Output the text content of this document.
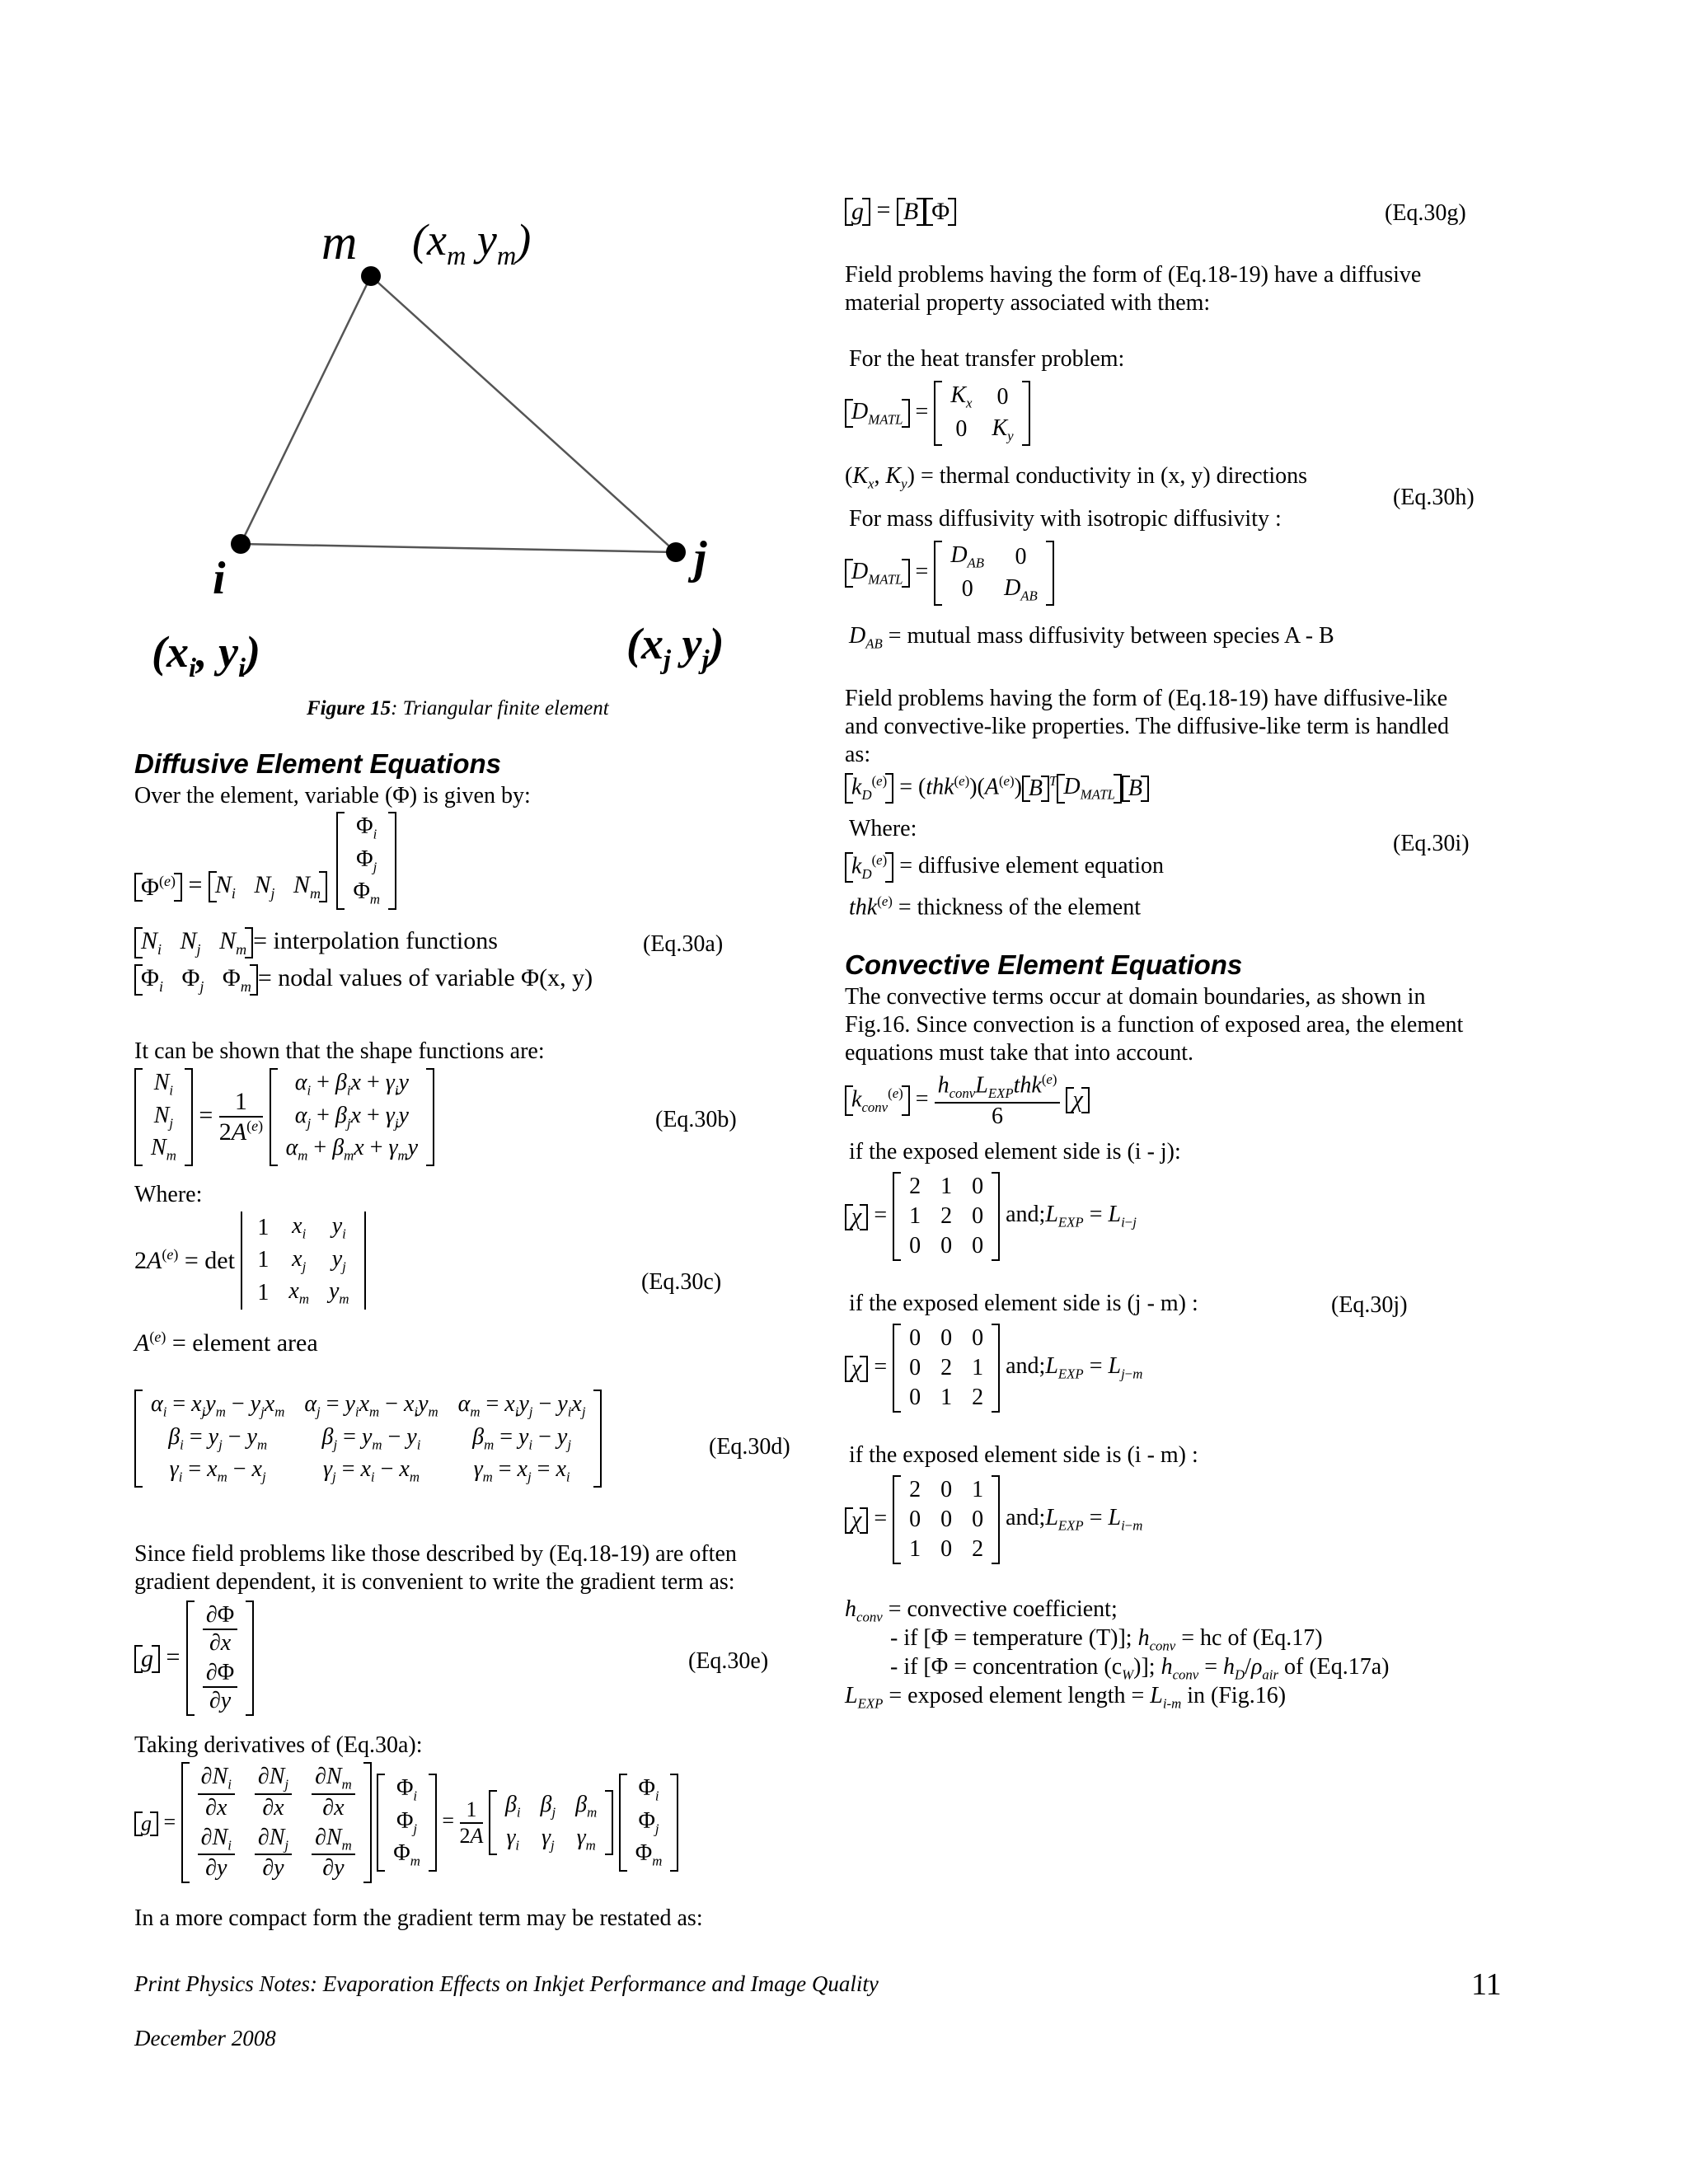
m ($x_m$ $y_m$)
i	j
($x_i$, $y_i$)	($x_j$ $y_j$)
Figure 15: Triangular finite element
Diffusive Element Equations
Over the element, variable (Φ) is given by:
$\Phi^{(e)} = N_i$ $N_j$ $N_m$
$\Phi_i$
$\Phi_j$
$\Phi_m$
$N_i$ $N_j$ $N_m$ = interpolation functions	(Eq.30a)
$\Phi_i$   $\Phi_j$   $\Phi_m$ = nodal values of variable Φ(x, y)
It can be shown that the shape functions are:
$N_i$
$N_j$
$N_m$
= $\frac{1}{2A^{(e)}}$

$\alpha_i + \beta_ix + \gamma_iy$
$\alpha_j + \beta_jx + \gamma_jy$
$\alpha_m + \beta_mx + \gamma_my$
(Eq.30b)
Where:
$2A^{(e)} = \det$
1	$x_i$	$y_i$
1	$x_j$	$y_j$
1	$x_m$	$y_m$
(Eq.30c)
$A^{(e)}$ = element area
$\alpha_i = x_jy_m - y_jx_m$	$\alpha_j = y_ix_m - x_iy_m$	$\alpha_m = x_iy_j - y_ix_j$
$\beta_i = y_j - y_m$	$\beta_j = y_m - y_i$	$\beta_m = y_i - y_j$
$\gamma_i = x_m - x_j$	$\gamma_j = x_i - x_m$	$\gamma_m = x_j = x_i$
(Eq.30d)
Since field problems like those described by (Eq.18-19) are often
gradient dependent, it is convenient to write the gradient term as:
g =
$\frac{\partial\Phi}{\partial x}$

$\frac{\partial\Phi}{\partial y}$	(Eq.30e)
Taking derivatives of (Eq.30a):
g =
$\frac{\partial N_i}{\partial x}$	$\frac{\partial N_j}{\partial x}$	$\frac{\partial N_m}{\partial x}$

$\frac{\partial N_i}{\partial y}$	$\frac{\partial N_j}{\partial y}$	$\frac{\partial N_m}{\partial y}$

$\Phi_i$
$\Phi_j$
$\Phi_m$
= $\frac{1}{2A}$
$\beta_i$	$\beta_j$	$\beta_m$
$\gamma_i$	$\gamma_j$	$\gamma_m$

$\Phi_i$
$\Phi_j$
$\Phi_m$
In a more compact form the gradient term may be restated as:
g = B Φ	(Eq.30g)
Field problems having the form of (Eq.18-19) have a diffusive
material property associated with them:
For the heat transfer problem:
$D_{MATL}$ =
$K_x$	0
0	$K_y$
($K_x$, $K_y$) = thermal conductivity in (x, y) directions
(Eq.30h)
For mass diffusivity with isotropic diffusivity :
$D_{MATL}$ =
$D_{AB}$	0
0	$D_{AB}$
$D_{AB}$ = mutual mass diffusivity between species A - B
Field problems having the form of (Eq.18-19) have diffusive-like
and convective-like properties. The diffusive-like term is handled
as:
$k_D^{(e)} = (thk^{(e)})(A^{(e)})$ B $^T$ $D_{MATL}$ B
Where:
(Eq.30i)
$k_D^{(e)}$ = diffusive element equation
thk$^{(e)}$ = thickness of the element
Convective Element Equations
The convective terms occur at domain boundaries, as shown in
Fig.16. Since convection is a function of exposed area, the element
equations must take that into account.
$k_{conv}^{(e)} = \frac{h_{conv}L_{EXP}thk^{(e)}}{6}$ χ
if the exposed element side is (i - j):
χ =
2	1	0
1	2	0
0	0	0
$and;L_{EXP} = L_{i-j}$
if the exposed element side is (j - m) :	(Eq.30j)
χ =
0	0	0
0	2	1
0	1	2
$and;L_{EXP} = L_{j-m}$
if the exposed element side is (i - m) :
χ =
2	0	1
0	0	0
1	0	2
$and;L_{EXP} = L_{i-m}$
$h_{conv}$ = convective coefficient;
- if [Φ = temperature (T)]; $h_{conv}$ = hc of (Eq.17)
- if [Φ = concentration $(c_W)$]; $h_{conv} = h_D/\rho_{air}$ of (Eq.17a)
$L_{EXP}$ = exposed element length = $L_{i-m}$ in (Fig.16)
Print Physics Notes: Evaporation Effects on Inkjet Performance and Image Quality	11
December 2008
